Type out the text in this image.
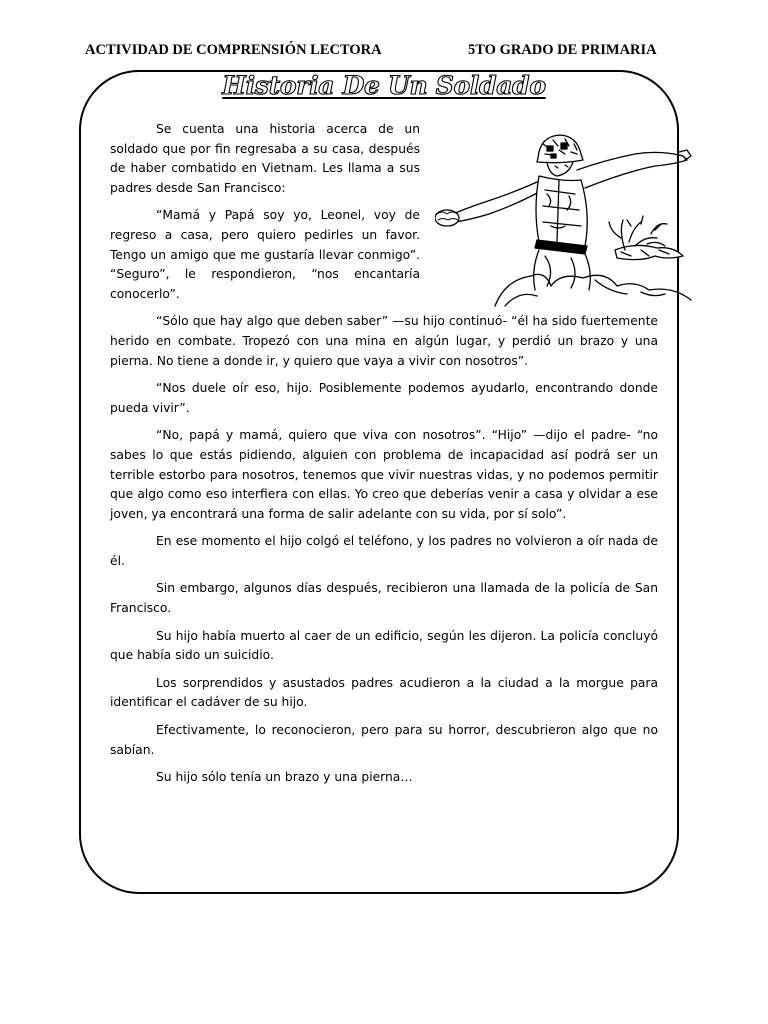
ACTIVIDAD DE COMPRENSIÓN LECTORA	5TO GRADO DE PRIMARIA
Historia De Un Soldado

Se cuenta una historia acerca de un soldado que por fin regresaba a su casa, después de haber combatido en Vietnam. Les llama a sus padres desde San Francisco:

“Mamá y Papá soy yo, Leonel, voy de regreso a casa, pero quiero pedirles un favor. Tengo un amigo que me gustaría llevar conmigo”. “Seguro”, le respondieron, “nos encantaría conocerlo”.

“Sólo que hay algo que deben saber” —su hijo continuó- “él ha sido fuertemente herido en combate. Tropezó con una mina en algún lugar, y perdió un brazo y una pierna. No tiene a donde ir, y quiero que vaya a vivir con nosotros”.

“Nos duele oír eso, hijo. Posiblemente podemos ayudarlo, encontrando donde pueda vivir”.

“No, papá y mamá, quiero que viva con nosotros”. “Hijo” —dijo el padre- “no sabes lo que estás pidiendo, alguien con problema de incapacidad así podrá ser un terrible estorbo para nosotros, tenemos que vivir nuestras vidas, y no podemos permitir que algo como eso interfiera con ellas. Yo creo que deberías venir a casa y olvidar a ese joven, ya encontrará una forma de salir adelante con su vida, por sí solo”.

En ese momento el hijo colgó el teléfono, y los padres no volvieron a oír nada de él.

Sin embargo, algunos días después, recibieron una llamada de la policía de San Francisco.

Su hijo había muerto al caer de un edificio, según les dijeron. La policía concluyó que había sido un suicidio.

Los sorprendidos y asustados padres acudieron a la ciudad a la morgue para identificar el cadáver de su hijo.

Efectivamente, lo reconocieron, pero para su horror, descubrieron algo que no sabían.

Su hijo sólo tenía un brazo y una pierna…
